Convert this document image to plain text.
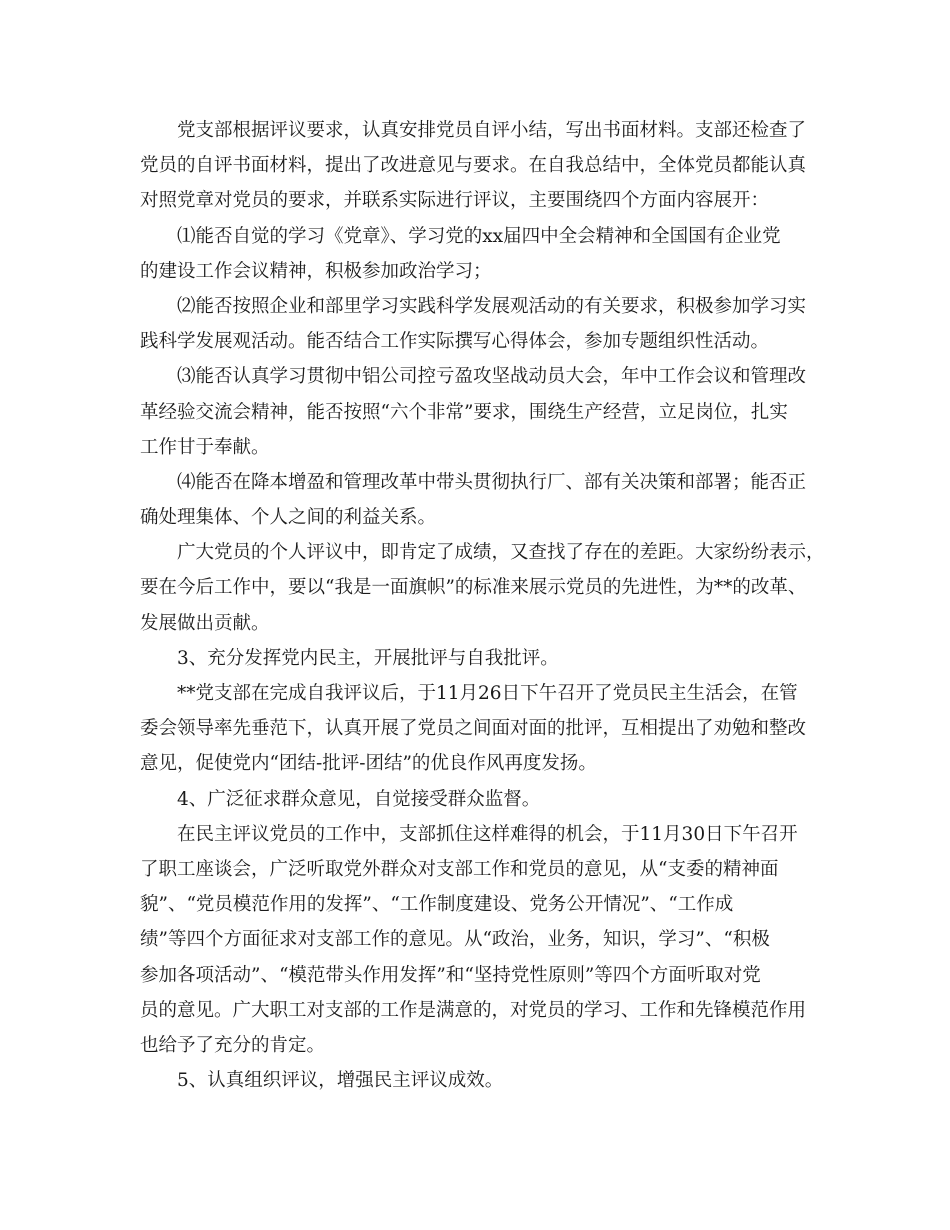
党支部根据评议要求，认真安排党员自评小结，写出书面材料。支部还检查了
党员的自评书面材料，提出了改进意见与要求。在自我总结中，全体党员都能认真
对照党章对党员的要求，并联系实际进行评议，主要围绕四个方面内容展开：
⑴能否自觉的学习《党章》、学习党的xx届四中全会精神和全国国有企业党
的建设工作会议精神，积极参加政治学习；
⑵能否按照企业和部里学习实践科学发展观活动的有关要求，积极参加学习实
践科学发展观活动。能否结合工作实际撰写心得体会，参加专题组织性活动。
⑶能否认真学习贯彻中铝公司控亏盈攻坚战动员大会，年中工作会议和管理改
革经验交流会精神，能否按照“六个非常”要求，围绕生产经营，立足岗位，扎实
工作甘于奉献。
⑷能否在降本增盈和管理改革中带头贯彻执行厂、部有关决策和部署；能否正
确处理集体、个人之间的利益关系。
广大党员的个人评议中，即肯定了成绩，又查找了存在的差距。大家纷纷表示，
要在今后工作中，要以“我是一面旗帜”的标准来展示党员的先进性，为**的改革、
发展做出贡献。
3、充分发挥党内民主，开展批评与自我批评。
**党支部在完成自我评议后，于11月26日下午召开了党员民主生活会，在管
委会领导率先垂范下，认真开展了党员之间面对面的批评，互相提出了劝勉和整改
意见，促使党内“团结-批评-团结”的优良作风再度发扬。
4、广泛征求群众意见，自觉接受群众监督。
在民主评议党员的工作中，支部抓住这样难得的机会，于11月30日下午召开
了职工座谈会，广泛听取党外群众对支部工作和党员的意见，从“支委的精神面
貌”、“党员模范作用的发挥”、“工作制度建设、党务公开情况”、“工作成
绩”等四个方面征求对支部工作的意见。从“政治，业务，知识，学习”、“积极
参加各项活动”、“模范带头作用发挥”和“坚持党性原则”等四个方面听取对党
员的意见。广大职工对支部的工作是满意的，对党员的学习、工作和先锋模范作用
也给予了充分的肯定。
5、认真组织评议，增强民主评议成效。
